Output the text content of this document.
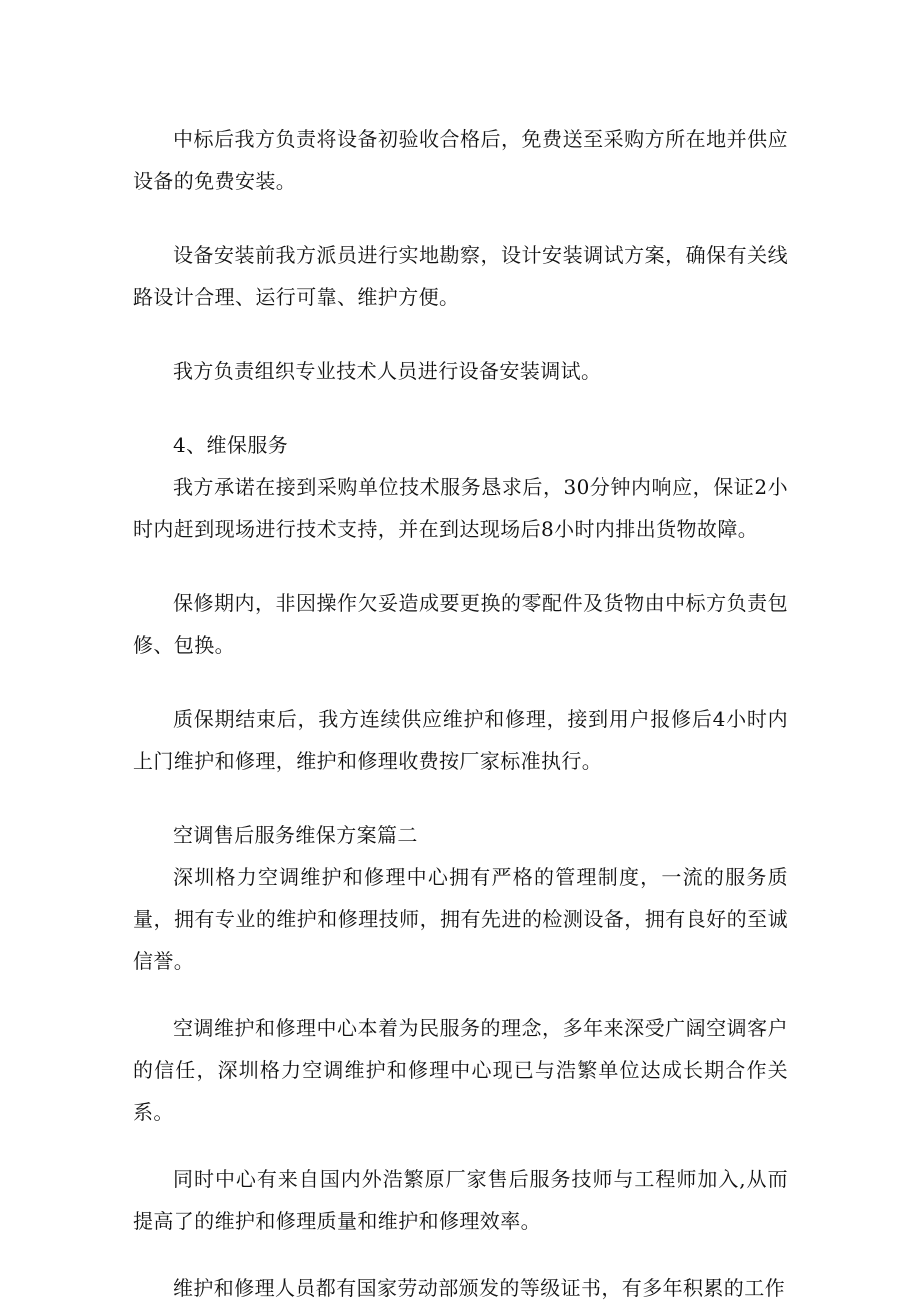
中标后我方负责将设备初验收合格后，免费送至采购方所在地并供应设备的免费安装。

设备安装前我方派员进行实地勘察，设计安装调试方案，确保有关线路设计合理、运行可靠、维护方便。

我方负责组织专业技术人员进行设备安装调试。

4、维保服务

我方承诺在接到采购单位技术服务恳求后，30分钟内响应，保证2小时内赶到现场进行技术支持，并在到达现场后8小时内排出货物故障。

保修期内，非因操作欠妥造成要更换的零配件及货物由中标方负责包修、包换。

质保期结束后，我方连续供应维护和修理，接到用户报修后4小时内上门维护和修理，维护和修理收费按厂家标准执行。

空调售后服务维保方案篇二

深圳格力空调维护和修理中心拥有严格的管理制度，一流的服务质量，拥有专业的维护和修理技师，拥有先进的检测设备，拥有良好的至诚信誉。

空调维护和修理中心本着为民服务的理念，多年来深受广阔空调客户的信任，深圳格力空调维护和修理中心现已与浩繁单位达成长期合作关系。

同时中心有来自国内外浩繁原厂家售后服务技师与工程师加入,从而提高了的维护和修理质量和维护和修理效率。

维护和修理人员都有国家劳动部颁发的等级证书，有多年积累的工作
